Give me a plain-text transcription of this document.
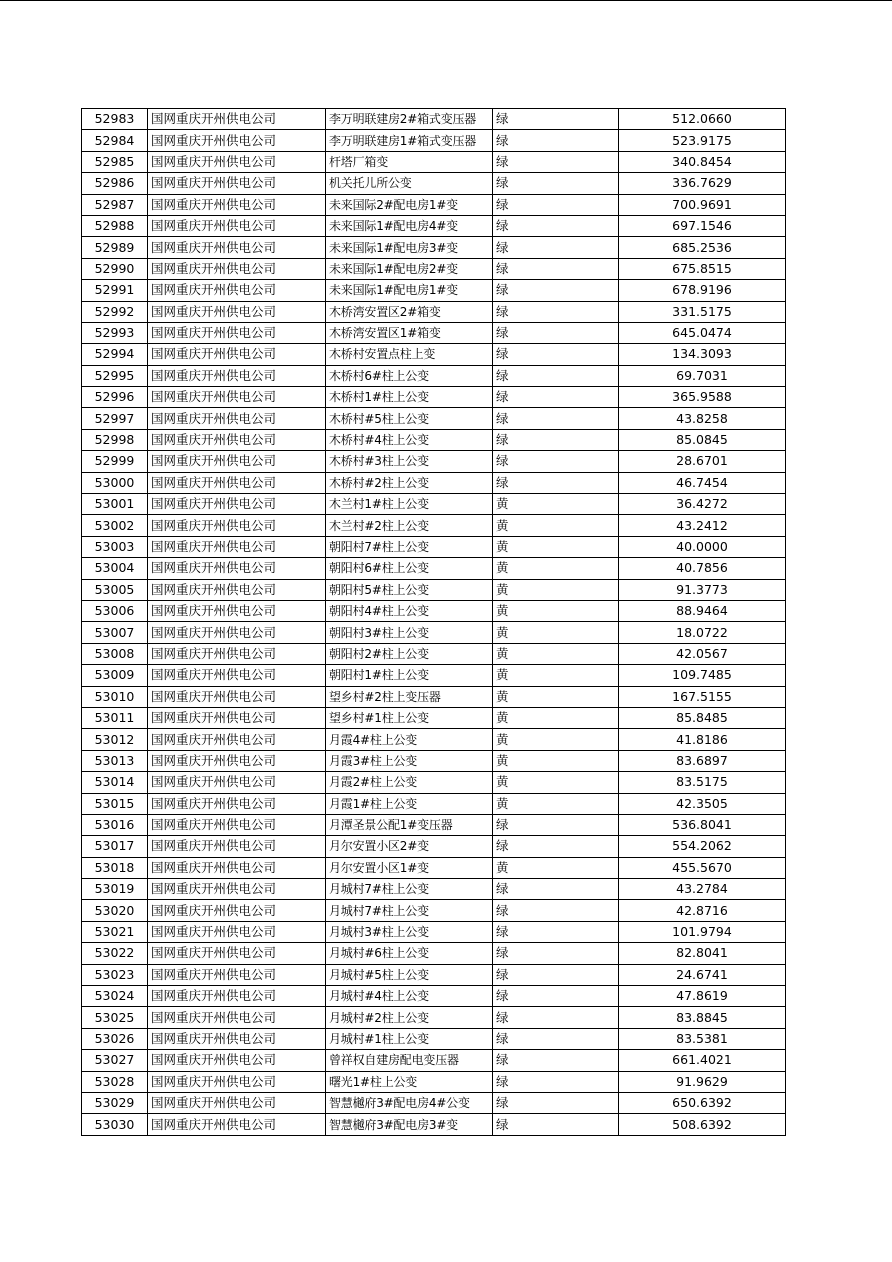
52983	国网重庆开州供电公司	李万明联建房2#箱式变压器	绿	512.0660
52984	国网重庆开州供电公司	李万明联建房1#箱式变压器	绿	523.9175
52985	国网重庆开州供电公司	杆塔厂箱变	绿	340.8454
52986	国网重庆开州供电公司	机关托儿所公变	绿	336.7629
52987	国网重庆开州供电公司	未来国际2#配电房1#变	绿	700.9691
52988	国网重庆开州供电公司	未来国际1#配电房4#变	绿	697.1546
52989	国网重庆开州供电公司	未来国际1#配电房3#变	绿	685.2536
52990	国网重庆开州供电公司	未来国际1#配电房2#变	绿	675.8515
52991	国网重庆开州供电公司	未来国际1#配电房1#变	绿	678.9196
52992	国网重庆开州供电公司	木桥湾安置区2#箱变	绿	331.5175
52993	国网重庆开州供电公司	木桥湾安置区1#箱变	绿	645.0474
52994	国网重庆开州供电公司	木桥村安置点柱上变	绿	134.3093
52995	国网重庆开州供电公司	木桥村6#柱上公变	绿	69.7031
52996	国网重庆开州供电公司	木桥村1#柱上公变	绿	365.9588
52997	国网重庆开州供电公司	木桥村#5柱上公变	绿	43.8258
52998	国网重庆开州供电公司	木桥村#4柱上公变	绿	85.0845
52999	国网重庆开州供电公司	木桥村#3柱上公变	绿	28.6701
53000	国网重庆开州供电公司	木桥村#2柱上公变	绿	46.7454
53001	国网重庆开州供电公司	木兰村1#柱上公变	黄	36.4272
53002	国网重庆开州供电公司	木兰村#2柱上公变	黄	43.2412
53003	国网重庆开州供电公司	朝阳村7#柱上公变	黄	40.0000
53004	国网重庆开州供电公司	朝阳村6#柱上公变	黄	40.7856
53005	国网重庆开州供电公司	朝阳村5#柱上公变	黄	91.3773
53006	国网重庆开州供电公司	朝阳村4#柱上公变	黄	88.9464
53007	国网重庆开州供电公司	朝阳村3#柱上公变	黄	18.0722
53008	国网重庆开州供电公司	朝阳村2#柱上公变	黄	42.0567
53009	国网重庆开州供电公司	朝阳村1#柱上公变	黄	109.7485
53010	国网重庆开州供电公司	望乡村#2柱上变压器	黄	167.5155
53011	国网重庆开州供电公司	望乡村#1柱上公变	黄	85.8485
53012	国网重庆开州供电公司	月霞4#柱上公变	黄	41.8186
53013	国网重庆开州供电公司	月霞3#柱上公变	黄	83.6897
53014	国网重庆开州供电公司	月霞2#柱上公变	黄	83.5175
53015	国网重庆开州供电公司	月霞1#柱上公变	黄	42.3505
53016	国网重庆开州供电公司	月潭圣景公配1#变压器	绿	536.8041
53017	国网重庆开州供电公司	月尔安置小区2#变	绿	554.2062
53018	国网重庆开州供电公司	月尔安置小区1#变	黄	455.5670
53019	国网重庆开州供电公司	月城村7#柱上公变	绿	43.2784
53020	国网重庆开州供电公司	月城村7#柱上公变	绿	42.8716
53021	国网重庆开州供电公司	月城村3#柱上公变	绿	101.9794
53022	国网重庆开州供电公司	月城村#6柱上公变	绿	82.8041
53023	国网重庆开州供电公司	月城村#5柱上公变	绿	24.6741
53024	国网重庆开州供电公司	月城村#4柱上公变	绿	47.8619
53025	国网重庆开州供电公司	月城村#2柱上公变	绿	83.8845
53026	国网重庆开州供电公司	月城村#1柱上公变	绿	83.5381
53027	国网重庆开州供电公司	曾祥权自建房配电变压器	绿	661.4021
53028	国网重庆开州供电公司	曙光1#柱上公变	绿	91.9629
53029	国网重庆开州供电公司	智慧樾府3#配电房4#公变	绿	650.6392
53030	国网重庆开州供电公司	智慧樾府3#配电房3#变	绿	508.6392
